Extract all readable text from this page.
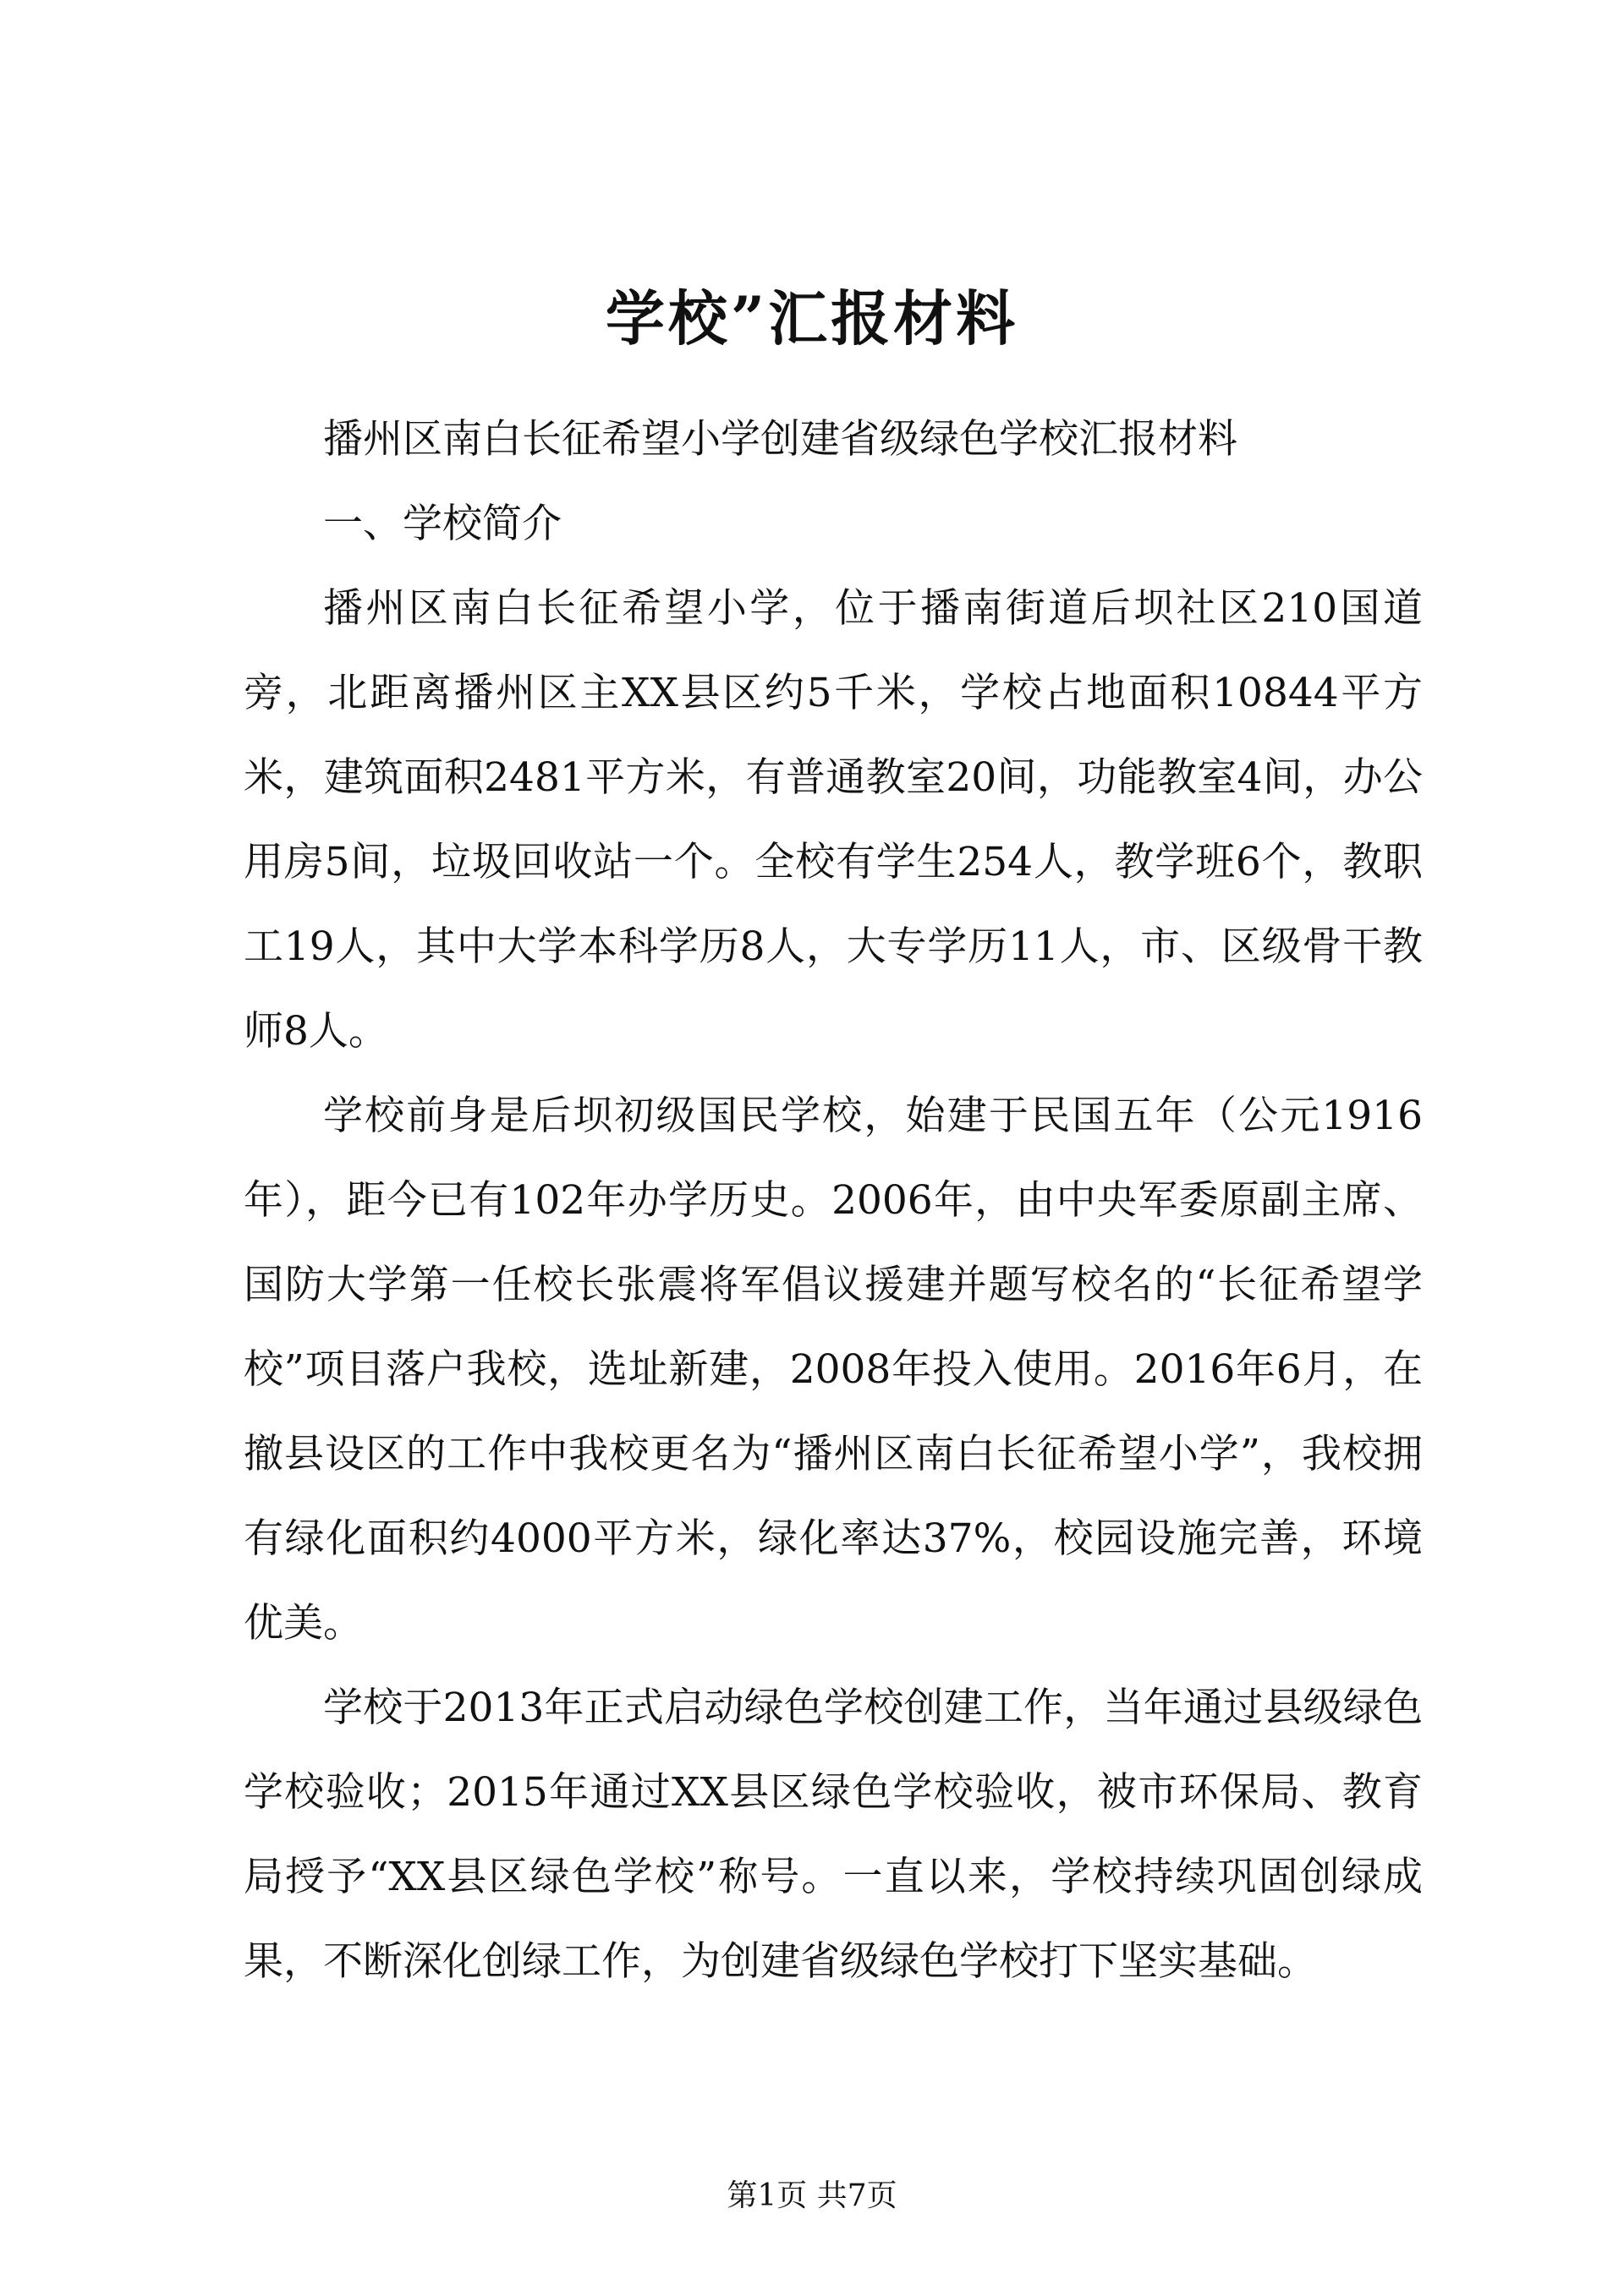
学校”汇报材料

播州区南白长征希望小学创建省级绿色学校汇报材料

一、学校简介

播州区南白长征希望小学，位于播南街道后坝社区210国道旁，北距离播州区主XX县区约5千米，学校占地面积10844平方米，建筑面积2481平方米，有普通教室20间，功能教室4间，办公用房5间，垃圾回收站一个。全校有学生254人，教学班6个，教职工19人，其中大学本科学历8人，大专学历11人，市、区级骨干教师8人。

学校前身是后坝初级国民学校，始建于民国五年（公元1916年），距今已有102年办学历史。2006年，由中央军委原副主席、国防大学第一任校长张震将军倡议援建并题写校名的“长征希望学校”项目落户我校，选址新建，2008年投入使用。2016年6月，在撤县设区的工作中我校更名为“播州区南白长征希望小学”，我校拥有绿化面积约4000平方米，绿化率达37%，校园设施完善，环境优美。

学校于2013年正式启动绿色学校创建工作，当年通过县级绿色学校验收；2015年通过XX县区绿色学校验收，被市环保局、教育局授予“XX县区绿色学校”称号。一直以来，学校持续巩固创绿成果，不断深化创绿工作，为创建省级绿色学校打下坚实基础。

第1页 共7页
